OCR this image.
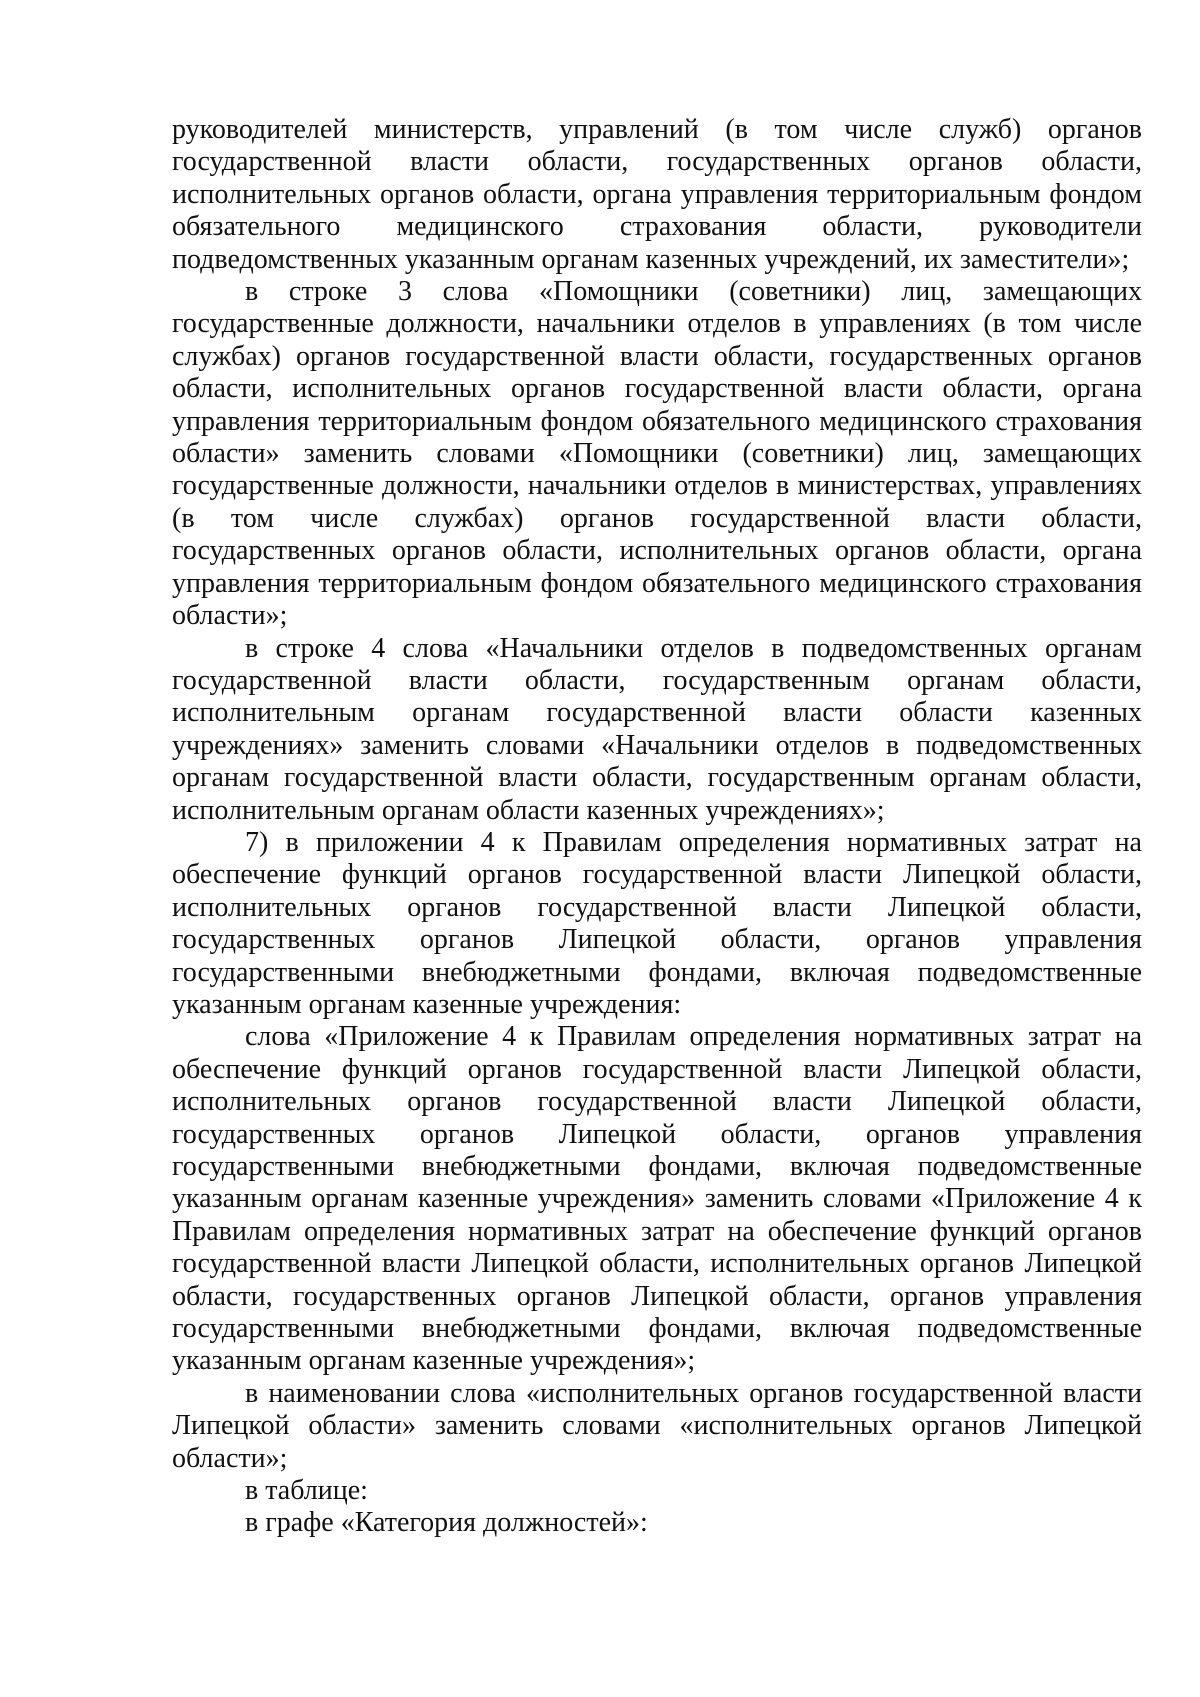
руководителей министерств, управлений (в том числе служб) органов государственной власти области, государственных органов области, исполнительных органов области, органа управления территориальным фондом обязательного медицинского страхования области, руководители подведомственных указанным органам казенных учреждений, их заместители»;

в строке 3 слова «Помощники (советники) лиц, замещающих государственные должности, начальники отделов в управлениях (в том числе службах) органов государственной власти области, государственных органов области, исполнительных органов государственной власти области, органа управления территориальным фондом обязательного медицинского страхования области» заменить словами «Помощники (советники) лиц, замещающих государственные должности, начальники отделов в министерствах, управлениях (в том числе службах) органов государственной власти области, государственных органов области, исполнительных органов области, органа управления территориальным фондом обязательного медицинского страхования области»;

в строке 4 слова «Начальники отделов в подведомственных органам государственной власти области, государственным органам области, исполнительным органам государственной власти области казенных учреждениях» заменить словами «Начальники отделов в подведомственных органам государственной власти области, государственным органам области, исполнительным органам области казенных учреждениях»;

7) в приложении 4 к Правилам определения нормативных затрат на обеспечение функций органов государственной власти Липецкой области, исполнительных органов государственной власти Липецкой области, государственных органов Липецкой области, органов управления государственными внебюджетными фондами, включая подведомственные указанным органам казенные учреждения:

слова «Приложение 4 к Правилам определения нормативных затрат на обеспечение функций органов государственной власти Липецкой области, исполнительных органов государственной власти Липецкой области, государственных органов Липецкой области, органов управления государственными внебюджетными фондами, включая подведомственные указанным органам казенные учреждения» заменить словами «Приложение 4 к Правилам определения нормативных затрат на обеспечение функций органов государственной власти Липецкой области, исполнительных органов Липецкой области, государственных органов Липецкой области, органов управления государственными внебюджетными фондами, включая подведомственные указанным органам казенные учреждения»;

в наименовании слова «исполнительных органов государственной власти Липецкой области» заменить словами «исполнительных органов Липецкой области»;

в таблице:

в графе «Категория должностей»:
